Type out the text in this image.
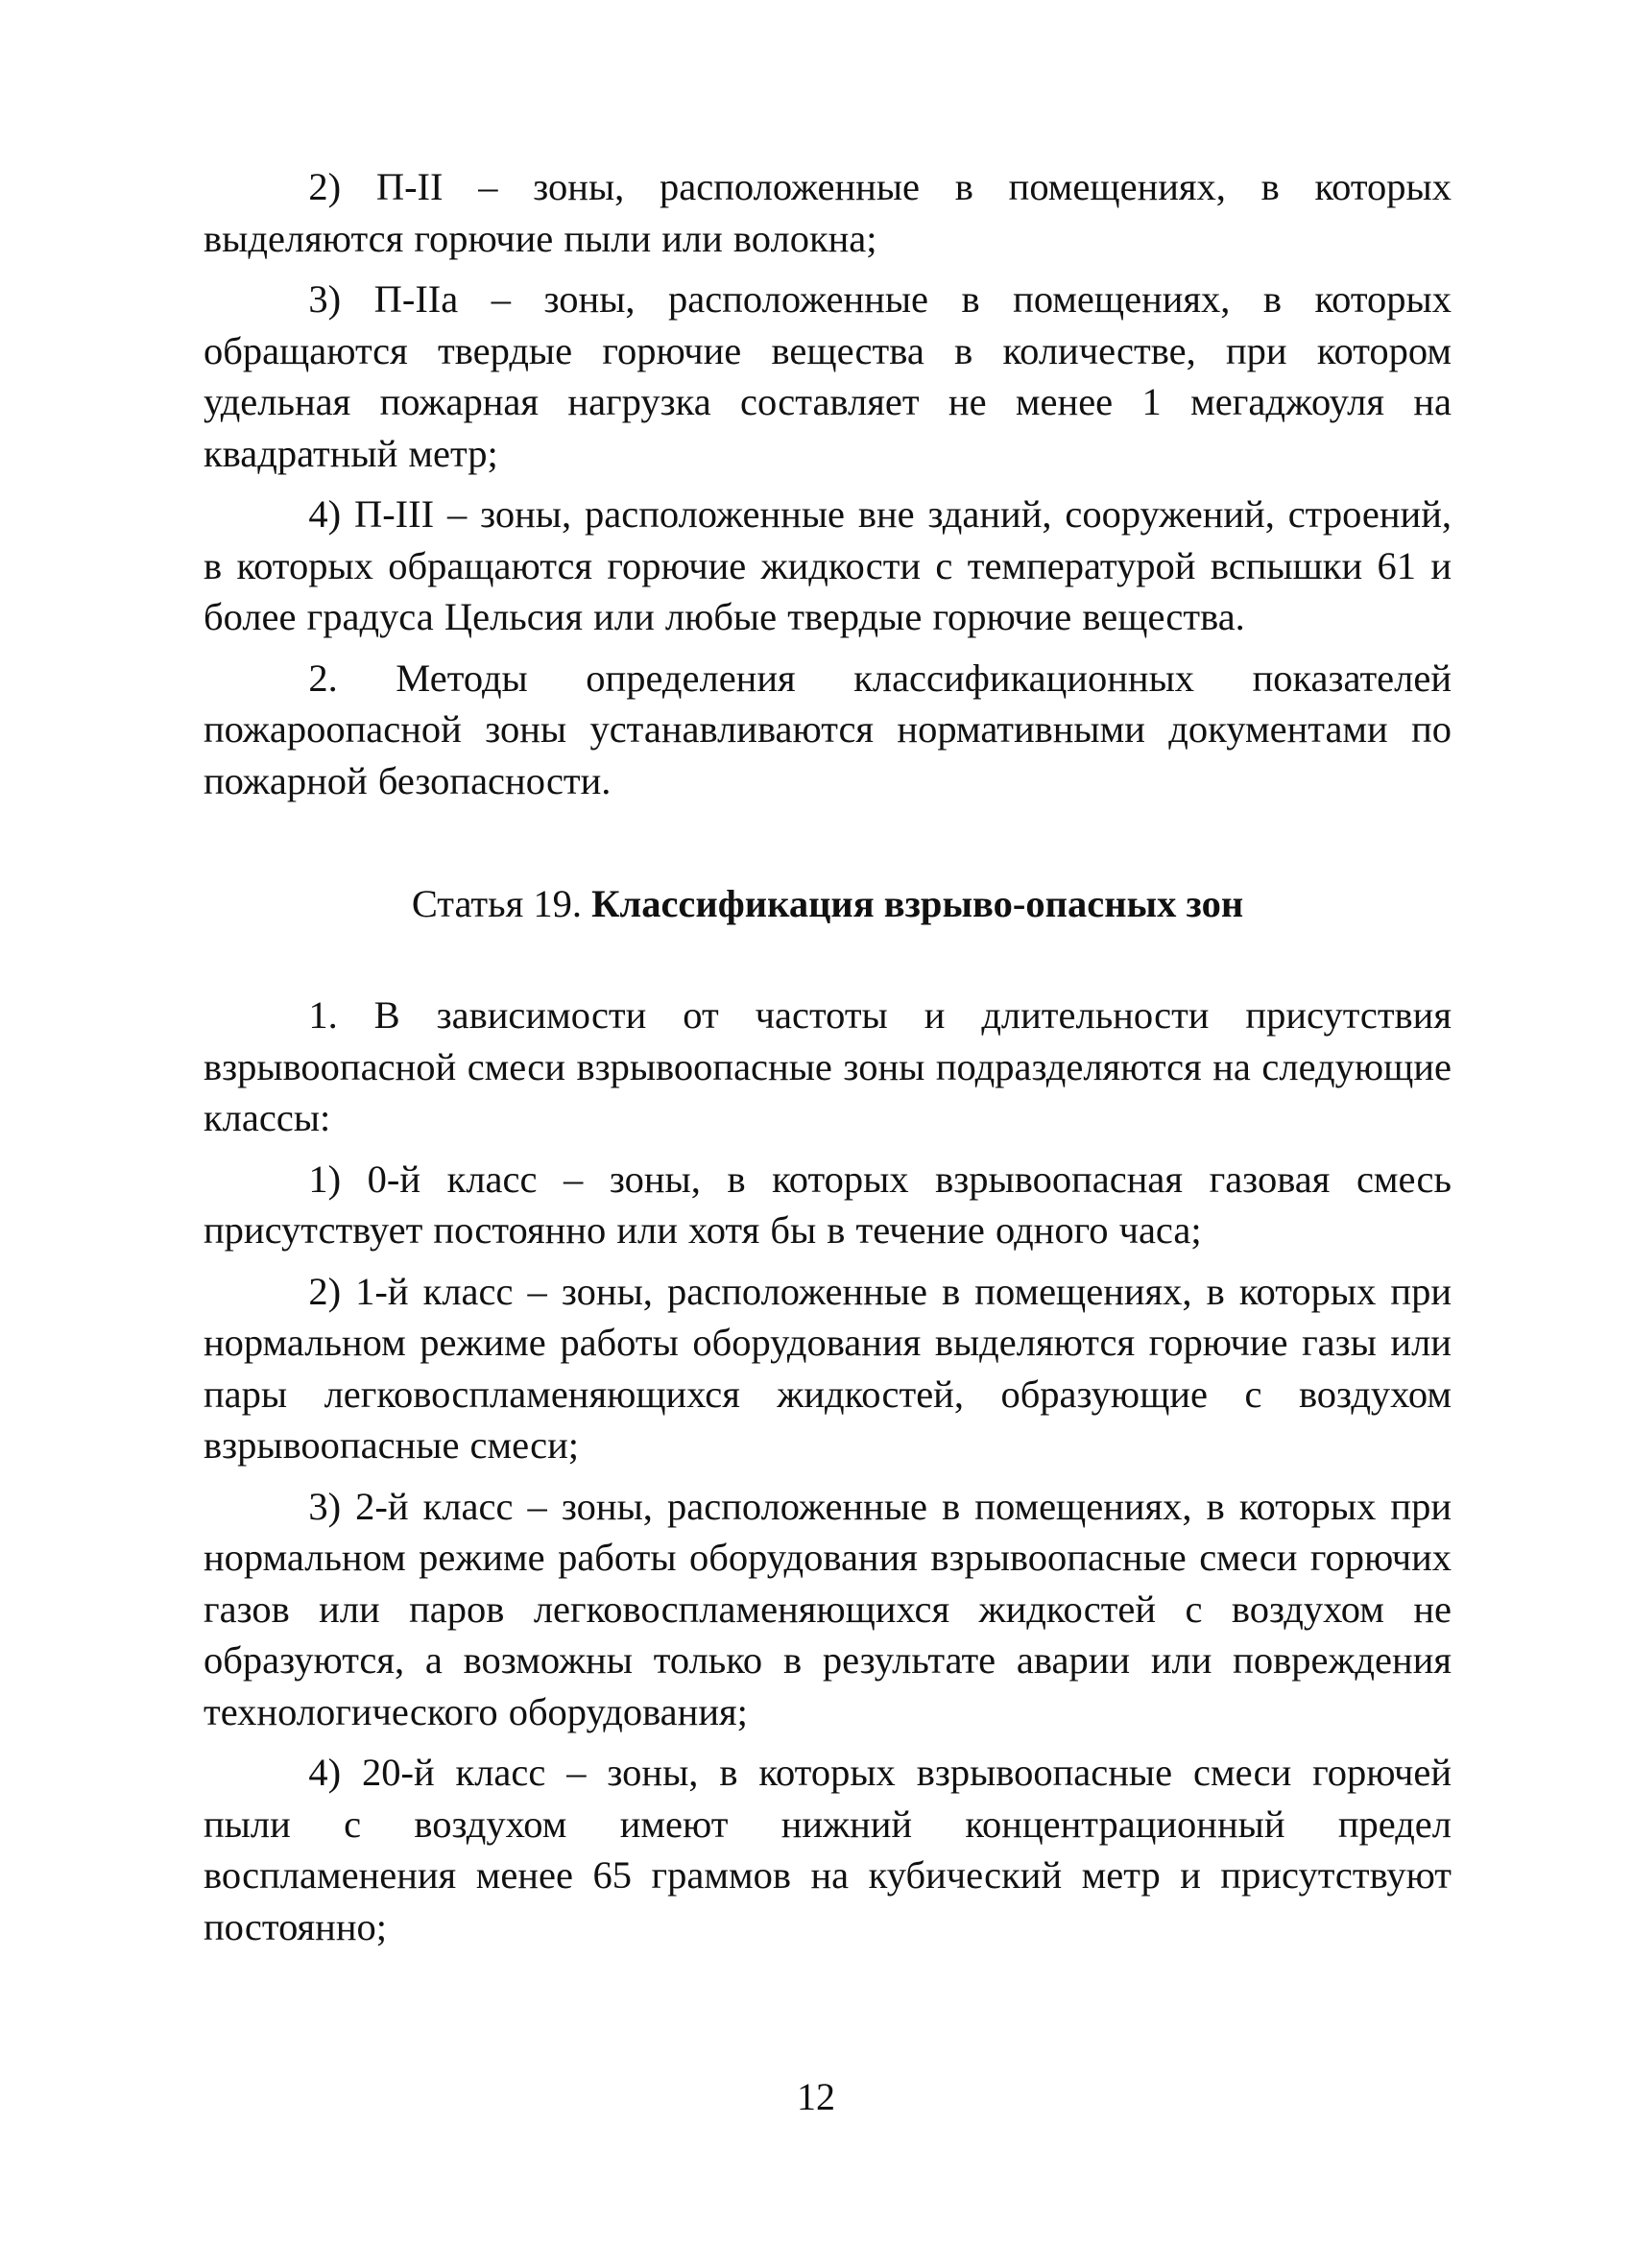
2) П-II – зоны, расположенные в помещениях, в которых выделяются горючие пыли или волокна;

3) П-IIа – зоны, расположенные в помещениях, в которых обращаются твердые горючие вещества в количестве, при котором удельная пожарная нагрузка составляет не менее 1 мегаджоуля на квадратный метр;

4) П-III – зоны, расположенные вне зданий, сооружений, строений, в которых обращаются горючие жидкости с температурой вспышки 61 и более градуса Цельсия или любые твердые горючие вещества.

2. Методы определения классификационных показателей пожароопасной зоны устанавливаются нормативными документами по пожарной безопасности.

Статья 19. Классификация взрыво-опасных зон

1. В зависимости от частоты и длительности присутствия взрывоопасной смеси взрывоопасные зоны подразделяются на следующие классы:

1) 0-й класс – зоны, в которых взрывоопасная газовая смесь присутствует постоянно или хотя бы в течение одного часа;

2) 1-й класс – зоны, расположенные в помещениях, в которых при нормальном режиме работы оборудования выделяются горючие газы или пары легковоспламеняющихся жидкостей, образующие с воздухом взрывоопасные смеси;

3) 2-й класс – зоны, расположенные в помещениях, в которых при нормальном режиме работы оборудования взрывоопасные смеси горючих газов или паров легковоспламеняющихся жидкостей с воздухом не образуются, а возможны только в результате аварии или повреждения технологического оборудования;

4) 20-й класс – зоны, в которых взрывоопасные смеси горючей пыли с воздухом имеют нижний концентрационный предел воспламенения менее 65 граммов на кубический метр и присутствуют постоянно;

12
